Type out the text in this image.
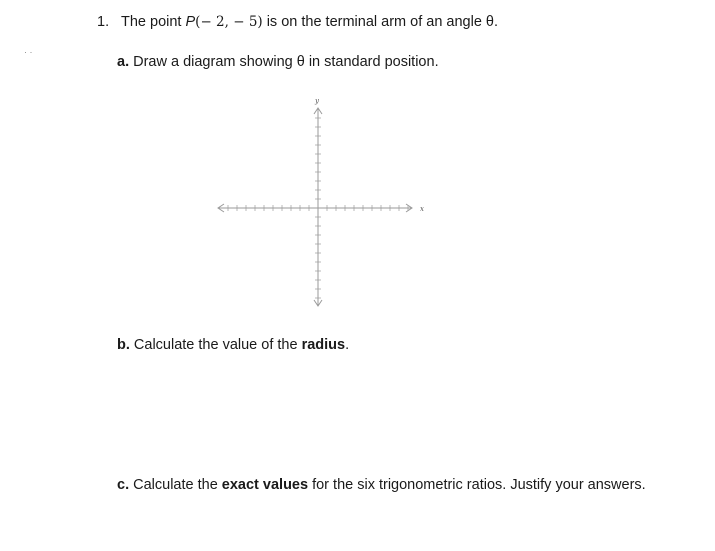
1. The point P(− 2, − 5) is on the terminal arm of an angle θ.
· ·
a. Draw a diagram showing θ in standard position.
x
y
b. Calculate the value of the radius.
c. Calculate the exact values for the six trigonometric ratios. Justify your answers.
